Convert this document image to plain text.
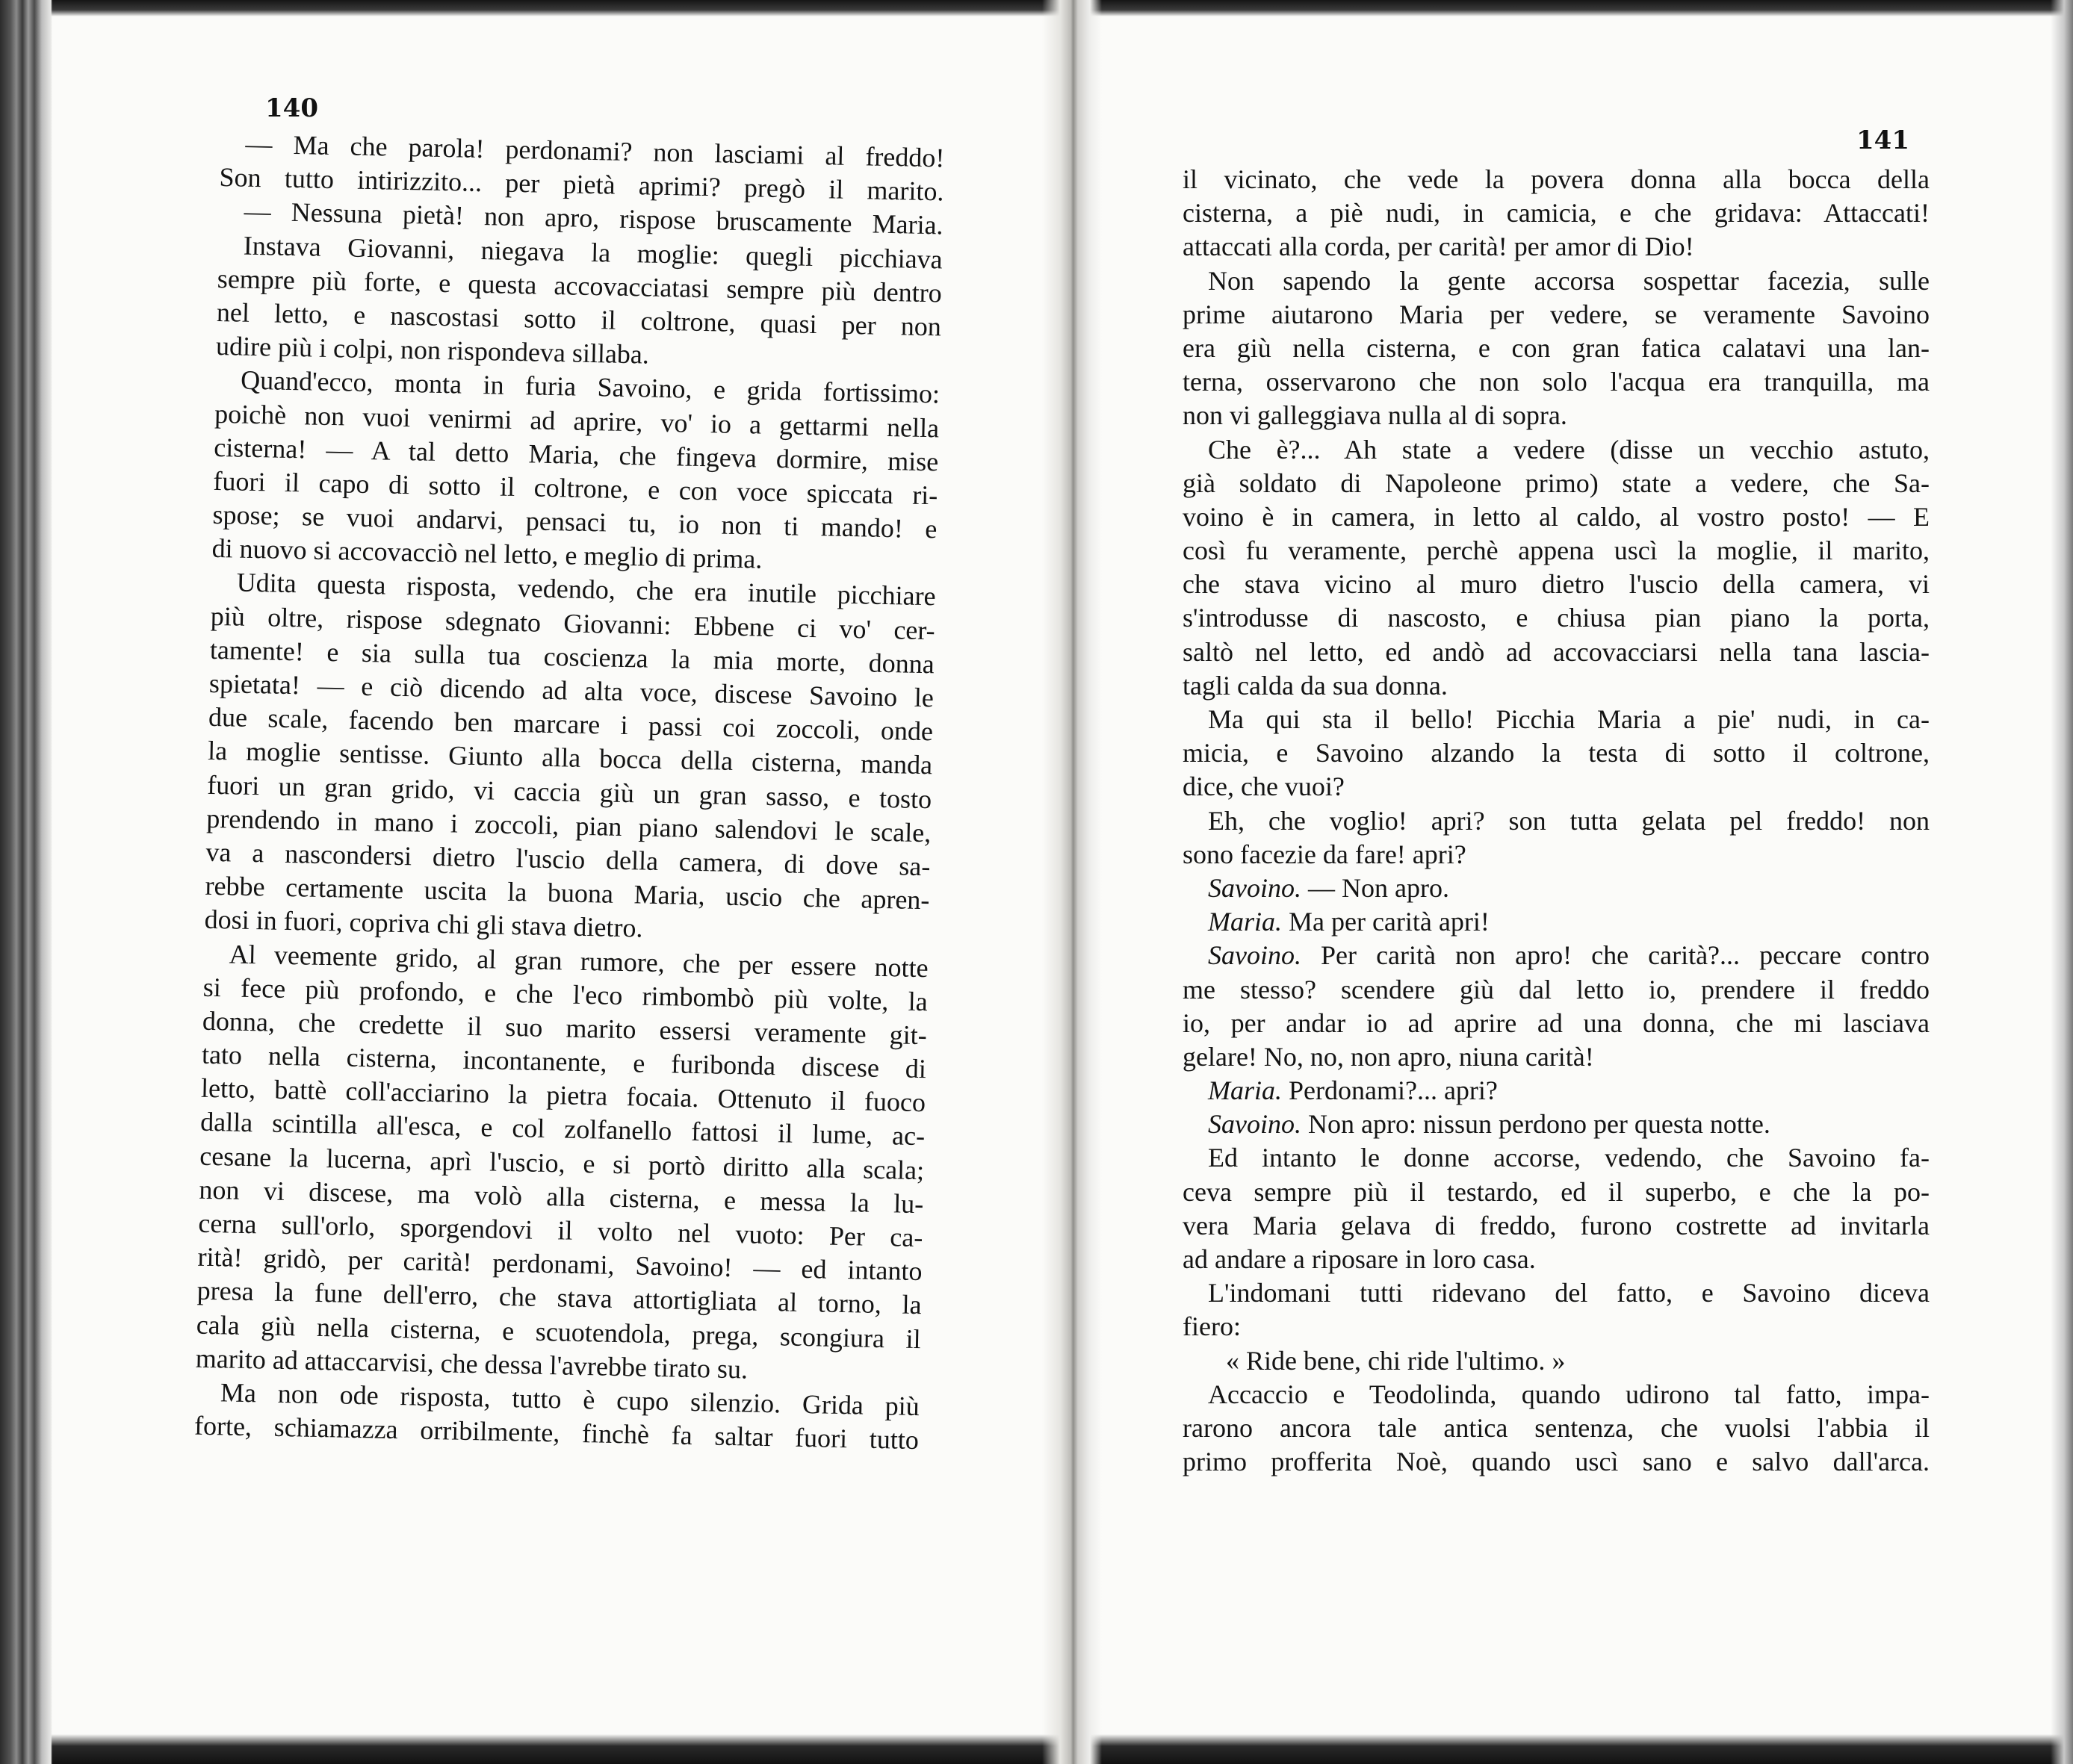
140

— Ma che parola! perdonami? non lasciami al freddo!
Son tutto intirizzito... per pietà aprimi? pregò il marito.
— Nessuna pietà! non apro, rispose bruscamente Maria.
Instava Giovanni, niegava la moglie: quegli picchiava
sempre più forte, e questa accovacciatasi sempre più dentro
nel letto, e nascostasi sotto il coltrone, quasi per non
udire più i colpi, non rispondeva sillaba.
Quand'ecco, monta in furia Savoino, e grida fortissimo:
poichè non vuoi venirmi ad aprire, vo' io a gettarmi nella
cisterna! — A tal detto Maria, che fingeva dormire, mise
fuori il capo di sotto il coltrone, e con voce spiccata ri-
spose; se vuoi andarvi, pensaci tu, io non ti mando! e
di nuovo si accovacciò nel letto, e meglio di prima.
Udita questa risposta, vedendo, che era inutile picchiare
più oltre, rispose sdegnato Giovanni: Ebbene ci vo' cer-
tamente! e sia sulla tua coscienza la mia morte, donna
spietata! — e ciò dicendo ad alta voce, discese Savoino le
due scale, facendo ben marcare i passi coi zoccoli, onde
la moglie sentisse. Giunto alla bocca della cisterna, manda
fuori un gran grido, vi caccia giù un gran sasso, e tosto
prendendo in mano i zoccoli, pian piano salendovi le scale,
va a nascondersi dietro l'uscio della camera, di dove sa-
rebbe certamente uscita la buona Maria, uscio che apren-
dosi in fuori, copriva chi gli stava dietro.
Al veemente grido, al gran rumore, che per essere notte
si fece più profondo, e che l'eco rimbombò più volte, la
donna, che credette il suo marito essersi veramente git-
tato nella cisterna, incontanente, e furibonda discese di
letto, battè coll'acciarino la pietra focaia. Ottenuto il fuoco
dalla scintilla all'esca, e col zolfanello fattosi il lume, ac-
cesane la lucerna, aprì l'uscio, e si portò diritto alla scala;
non vi discese, ma volò alla cisterna, e messa la lu-
cerna sull'orlo, sporgendovi il volto nel vuoto: Per ca-
rità! gridò, per carità! perdonami, Savoino! — ed intanto
presa la fune dell'erro, che stava attortigliata al torno, la
cala giù nella cisterna, e scuotendola, prega, scongiura il
marito ad attaccarvisi, che dessa l'avrebbe tirato su.
Ma non ode risposta, tutto è cupo silenzio. Grida più
forte, schiamazza orribilmente, finchè fa saltar fuori tutto

141

il vicinato, che vede la povera donna alla bocca della
cisterna, a piè nudi, in camicia, e che gridava: Attaccati!
attaccati alla corda, per carità! per amor di Dio!
Non sapendo la gente accorsa sospettar facezia, sulle
prime aiutarono Maria per vedere, se veramente Savoino
era giù nella cisterna, e con gran fatica calatavi una lan-
terna, osservarono che non solo l'acqua era tranquilla, ma
non vi galleggiava nulla al di sopra.
Che è?... Ah state a vedere (disse un vecchio astuto,
già soldato di Napoleone primo) state a vedere, che Sa-
voino è in camera, in letto al caldo, al vostro posto! — E
così fu veramente, perchè appena uscì la moglie, il marito,
che stava vicino al muro dietro l'uscio della camera, vi
s'introdusse di nascosto, e chiusa pian piano la porta,
saltò nel letto, ed andò ad accovacciarsi nella tana lascia-
tagli calda da sua donna.
Ma qui sta il bello! Picchia Maria a pie' nudi, in ca-
micia, e Savoino alzando la testa di sotto il coltrone,
dice, che vuoi?
Eh, che voglio! apri? son tutta gelata pel freddo! non
sono facezie da fare! apri?
Savoino. — Non apro.
Maria. Ma per carità apri!
Savoino. Per carità non apro! che carità?... peccare contro
me stesso? scendere giù dal letto io, prendere il freddo
io, per andar io ad aprire ad una donna, che mi lasciava
gelare! No, no, non apro, niuna carità!
Maria. Perdonami?... apri?
Savoino. Non apro: nissun perdono per questa notte.
Ed intanto le donne accorse, vedendo, che Savoino fa-
ceva sempre più il testardo, ed il superbo, e che la po-
vera Maria gelava di freddo, furono costrette ad invitarla
ad andare a riposare in loro casa.
L'indomani tutti ridevano del fatto, e Savoino diceva
fiero:
« Ride bene, chi ride l'ultimo. »
Accaccio e Teodolinda, quando udirono tal fatto, impa-
rarono ancora tale antica sentenza, che vuolsi l'abbia il
primo profferita Noè, quando uscì sano e salvo dall'arca.
